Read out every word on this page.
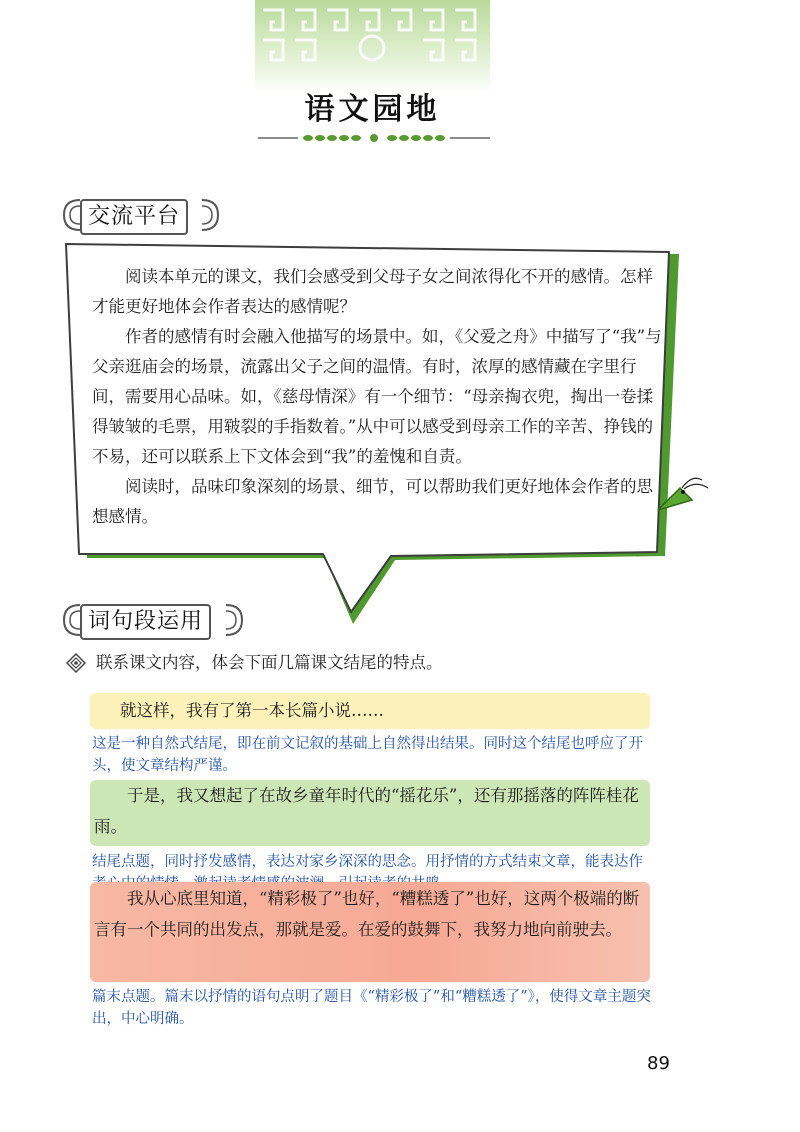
语文园地
交流平台

阅读本单元的课文，我们会感受到父母子女之间浓得化不开的感情。怎样才能更好地体会作者表达的感情呢？

作者的感情有时会融入他描写的场景中。如，《父爱之舟》中描写了“我”与父亲逛庙会的场景，流露出父子之间的温情。有时，浓厚的感情藏在字里行间，需要用心品味。如，《慈母情深》有一个细节：“母亲掏衣兜，掏出一卷揉得皱皱的毛票，用皲裂的手指数着。”从中可以感受到母亲工作的辛苦、挣钱的不易，还可以联系上下文体会到“我”的羞愧和自责。

阅读时，品味印象深刻的场景、细节，可以帮助我们更好地体会作者的思想感情。

词句段运用
联系课文内容，体会下面几篇课文结尾的特点。
就这样，我有了第一本长篇小说……
这是一种自然式结尾，即在前文记叙的基础上自然得出结果。同时这个结尾也呼应了开头，使文章结构严谨。
于是，我又想起了在故乡童年时代的“摇花乐”，还有那摇落的阵阵桂花雨。
结尾点题，同时抒发感情，表达对家乡深深的思念。用抒情的方式结束文章，能表达作
我从心底里知道，“精彩极了”也好，“糟糕透了”也好，这两个极端的断言有一个共同的出发点，那就是爱。在爱的鼓舞下，我努力地向前驶去。
篇末点题。篇末以抒情的语句点明了题目《“精彩极了”和“糟糕透了”》，使得文章主题突出，中心明确。
89
